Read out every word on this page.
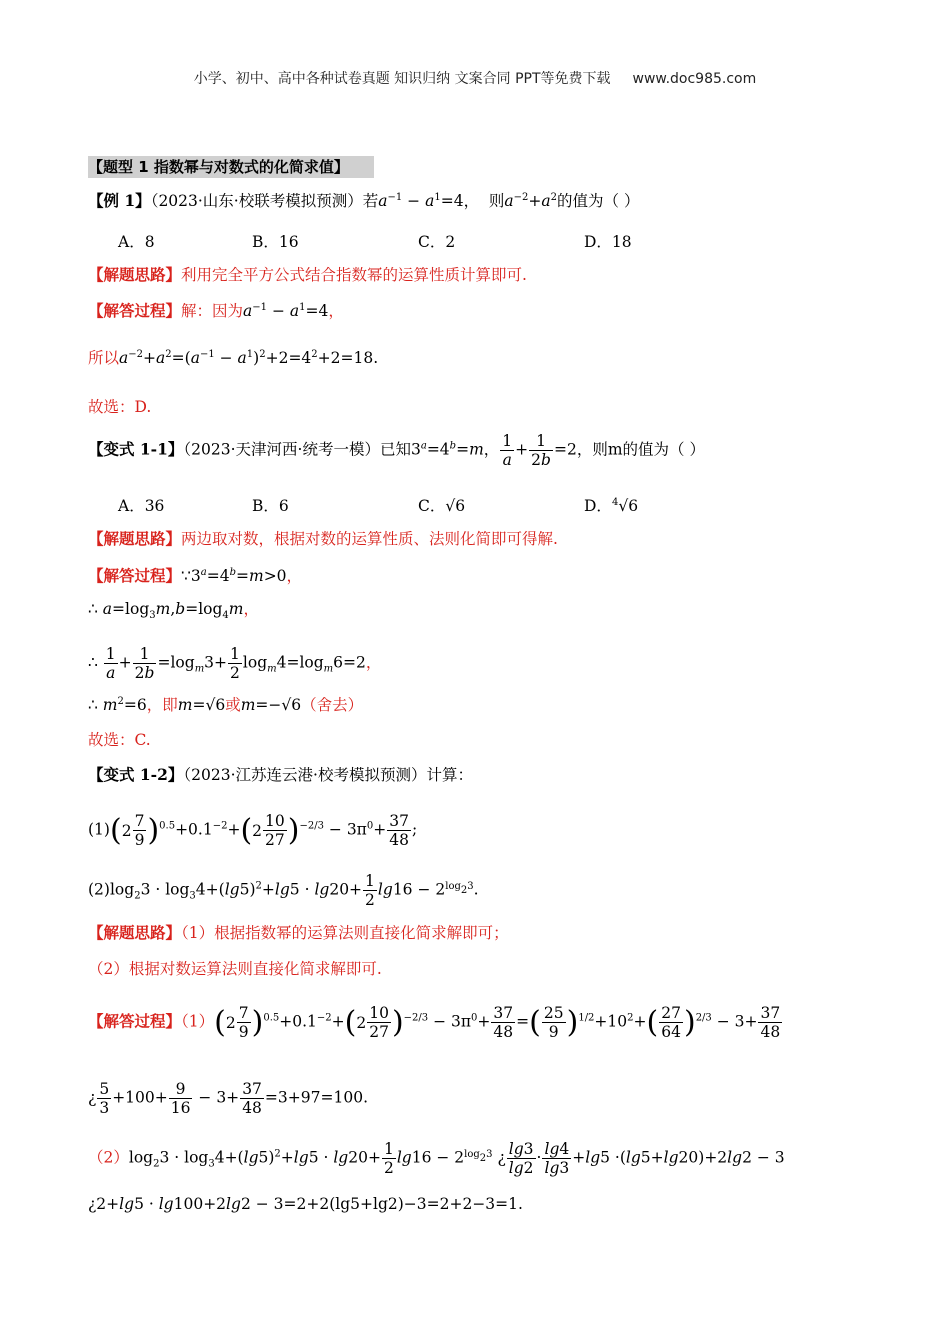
小学、初中、高中各种试卷真题 知识归纳 文案合同 PPT等免费下载 www.doc985.com
【题型 1 指数幂与对数式的化简求值】
【例 1】（2023·山东·校联考模拟预测）若$a^{-1} - a^1=4$，  则$a^{-2}+a^2$的值为（ ）
A．8	B．16	C．2	D．18
【解题思路】利用完全平方公式结合指数幂的运算性质计算即可.
【解答过程】解：因为$a^{-1} - a^1=4$，
所以$a^{-2}+a^2=(a^{-1} - a^1)^2+2=4^2+2=18$.
故选：D.
【变式 1-1】（2023·天津河西·统考一模）已知$3^a=4^b=m$， $\frac{1}{a} + \frac{1}{2b} =2$，则m的值为（ ）
A．36	B．6	C．√6	D．$^4$√6
【解题思路】两边取对数，根据对数的运算性质、法则化简即可得解.
【解答过程】$\because 3^a=4^b=m>0$，
∴ $a=\log_3m,b=\log_4m$，
∴ $\frac{1}{a} + \frac{1}{2b} =\log_m3+ \frac{1}{2} \log_m4=\log_m6=2$，
∴ $m^2=6$，即m=√6或m=−√6（舍去）
故选：C.
【变式 1-2】（2023·江苏连云港·校考模拟预测）计算：
(1) ( 2
7
9 ) $^{0.5}+0.1^{-2}+$ ( 2
10
27 ) $^{-2/3} - 3\pi^0+ \frac{37}{48}$ ;
$(2)\log_23 \cdot \log_34+(\lg 5)^2+\lg 5 \cdot \lg 20+ \frac{1}{2} \lg 16 - 2^{log_23}$.
【解题思路】（1）根据指数幂的运算法则直接化简求解即可；
（2）根据对数运算法则直接化简求解即可.
【解答过程】（1） ( 2
7
9 ) $^{0.5}+0.1^{-2}+$ ( 2
10
27 ) $^{-2/3} - 3\pi^0+ \frac{37}{48}$ = ( 25
9 ) $^{1/2}+10^2+$ ( 27
64 ) $^{2/3} - 3+ \frac{37}{48}$
¿ $\frac{5}{3} +100+ \frac{9}{16} - 3+ \frac{37}{48} =3+97=100$.
$(2)\log_23 \cdot \log_34+(\lg 5)^2+\lg 5 \cdot \lg 20+ \frac{1}{2} \lg 16 - 2^{log_23}$ ¿ $\frac{\lg 3}{\lg 2} \cdot \frac{\lg 4}{\lg 3} +\lg 5 \cdot(\lg 5+\lg 20)+2\lg 2 - 3$
¿2+lg5 · lg100+2lg2 − 3=2+2(lg5+lg2)−3=2+2−3=1.
